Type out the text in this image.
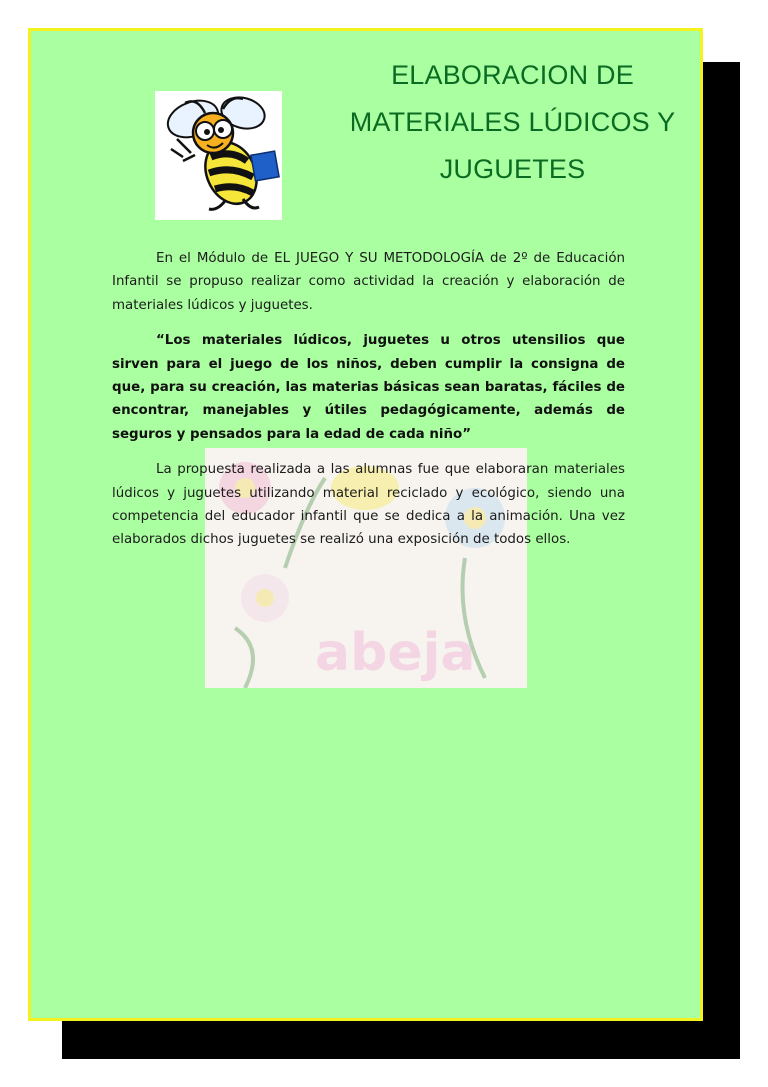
abeja
ELABORACION DE
MATERIALES LÚDICOS Y
JUGUETES

En el Módulo de EL JUEGO Y SU METODOLOGÍA de 2º de Educación Infantil se propuso realizar como actividad la creación y elaboración de materiales lúdicos y juguetes.

“Los materiales lúdicos, juguetes u otros utensilios que sirven para el juego de los niños, deben cumplir la consigna de que, para su creación, las materias básicas sean baratas, fáciles de encontrar, manejables y útiles pedagógicamente, además de seguros y pensados para la edad de cada niño”

La propuesta realizada a las alumnas fue que elaboraran materiales lúdicos y juguetes utilizando material reciclado y ecológico, siendo una competencia del educador infantil que se dedica a la animación. Una vez elaborados dichos juguetes se realizó una exposición de todos ellos.
